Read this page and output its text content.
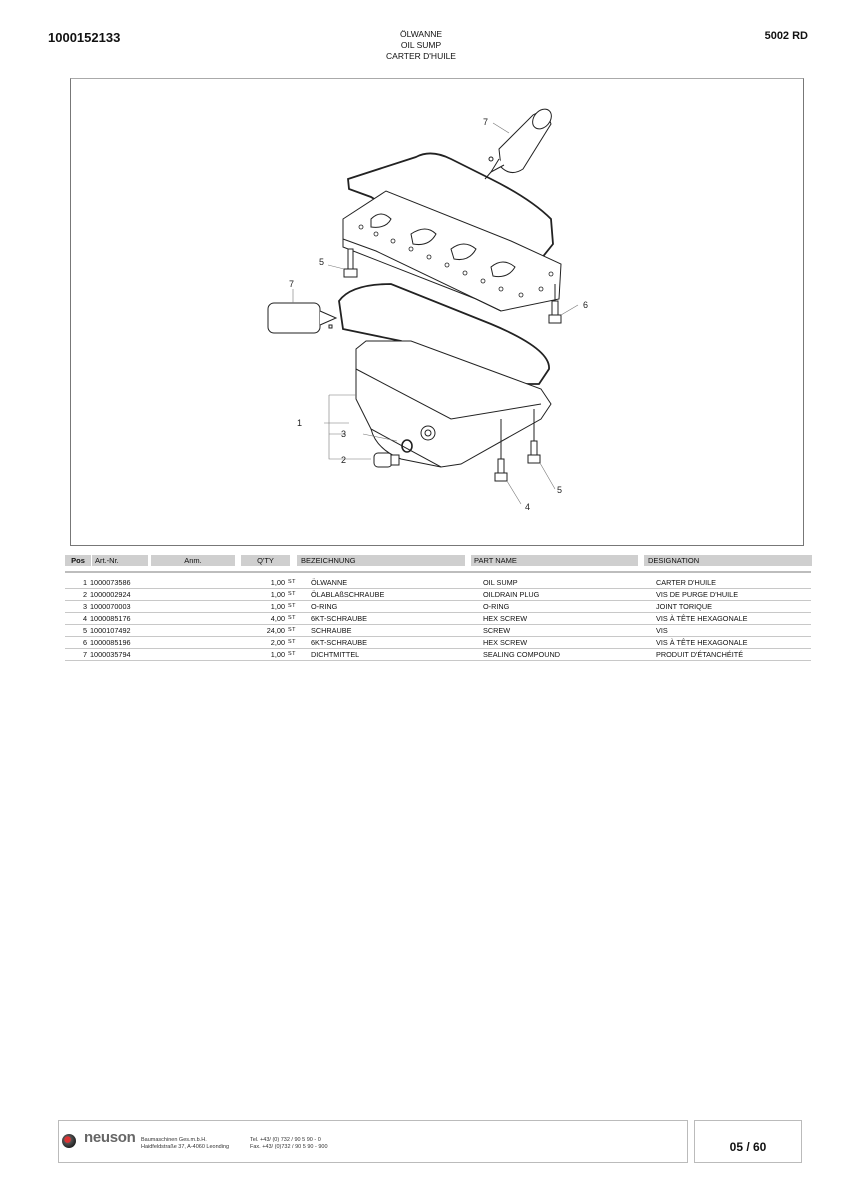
1000152133	ÖLWANNE
OIL SUMP
CARTER D'HUILE
5002 RD
7
5
7
6
1
3
2
5
4
Pos	Art.-Nr.	Anm.	Q'TY	BEZEICHNUNG	PART NAME	DESIGNATION
1	1000073586		1,00	ST	ÖLWANNE	OIL SUMP	CARTER D'HUILE
2	1000002924		1,00	ST	ÖLABLAßSCHRAUBE	OILDRAIN PLUG	VIS DE PURGE D'HUILE
3	1000070003		1,00	ST	O-RING	O-RING	JOINT TORIQUE
4	1000085176		4,00	ST	6KT-SCHRAUBE	HEX SCREW	VIS À TÊTE HEXAGONALE
5	1000107492		24,00	ST	SCHRAUBE	SCREW	VIS
6	1000085196		2,00	ST	6KT-SCHRAUBE	HEX SCREW	VIS À TÊTE HEXAGONALE
7	1000035794		1,00	ST	DICHTMITTEL	SEALING COMPOUND	PRODUIT D'ÉTANCHÉITÉ
neuson Baumaschinen Ges.m.b.H.
Haidfeldstraße 37, A-4060 Leonding
Tel. +43/ (0) 732 / 90 5 90 - 0
Fax. +43/ (0)732 / 90 5 90 - 900	05 / 60
